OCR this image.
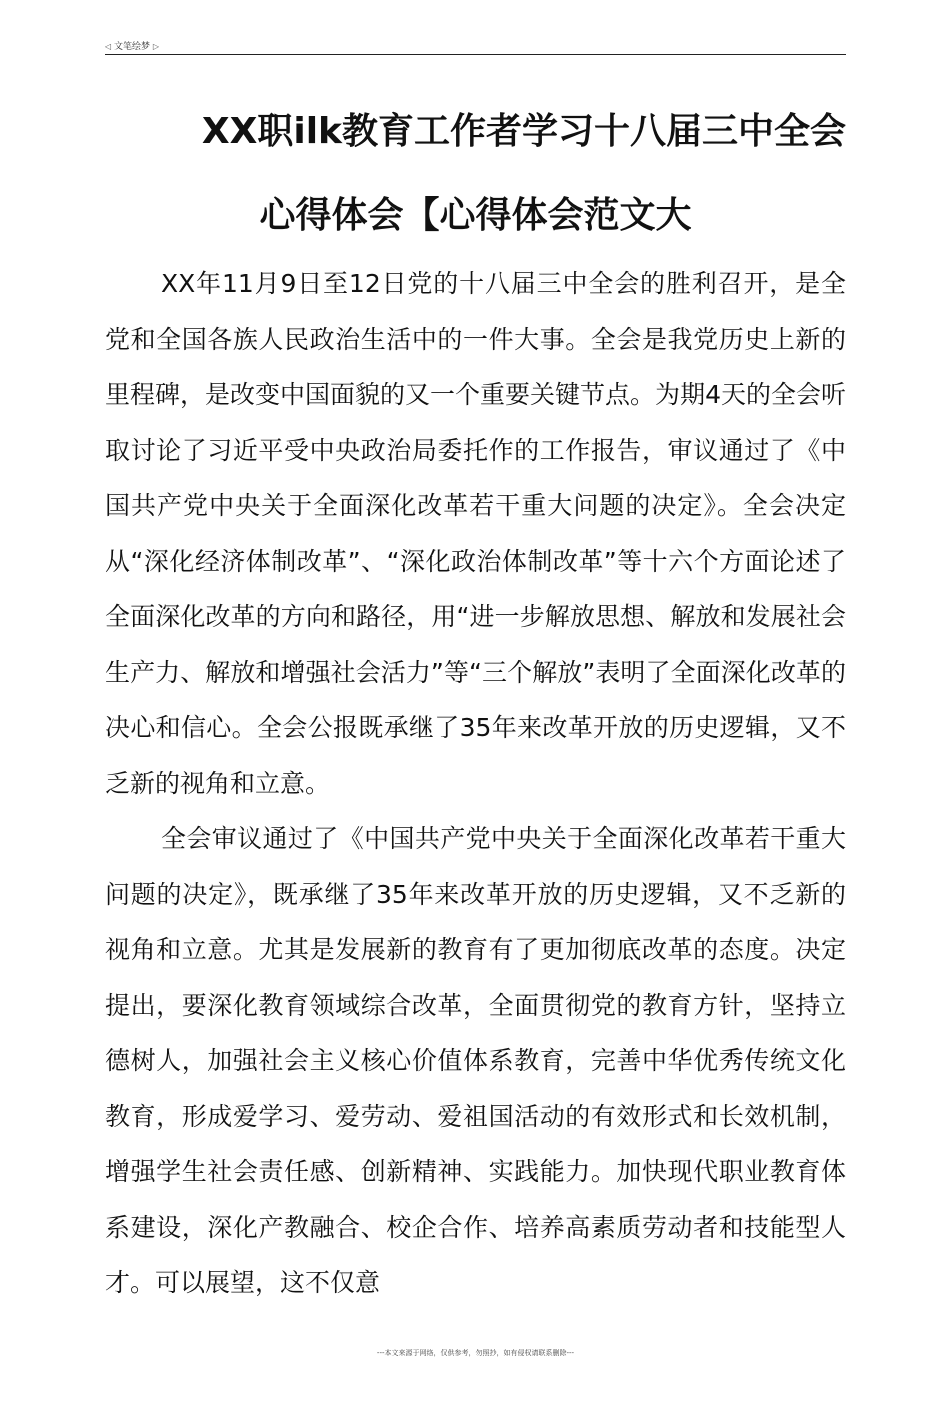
◁ 文笔绘梦 ▷
XX职ilk教育工作者学习十八届三中全会
心得体会【心得体会范文大

XX年11月9日至12日党的十八届三中全会的胜利召开，是全党和全国各族人民政治生活中的一件大事。全会是我党历史上新的里程碑，是改变中国面貌的又一个重要关键节点。为期4天的全会听取讨论了习近平受中央政治局委托作的工作报告，审议通过了《中国共产党中央关于全面深化改革若干重大问题的决定》。全会决定从“深化经济体制改革”、“深化政治体制改革”等十六个方面论述了全面深化改革的方向和路径，用“进一步解放思想、解放和发展社会生产力、解放和增强社会活力”等“三个解放”表明了全面深化改革的决心和信心。全会公报既承继了35年来改革开放的历史逻辑，又不乏新的视角和立意。

全会审议通过了《中国共产党中央关于全面深化改革若干重大问题的决定》，既承继了35年来改革开放的历史逻辑，又不乏新的视角和立意。尤其是发展新的教育有了更加彻底改革的态度。决定提出，要深化教育领域综合改革，全面贯彻党的教育方针，坚持立德树人，加强社会主义核心价值体系教育，完善中华优秀传统文化教育，形成爱学习、爱劳动、爱祖国活动的有效形式和长效机制，增强学生社会责任感、创新精神、实践能力。加快现代职业教育体系建设，深化产教融合、校企合作、培养高素质劳动者和技能型人才。可以展望，这不仅意

---本文来源于网络，仅供参考，勿照抄，如有侵权请联系删除---
